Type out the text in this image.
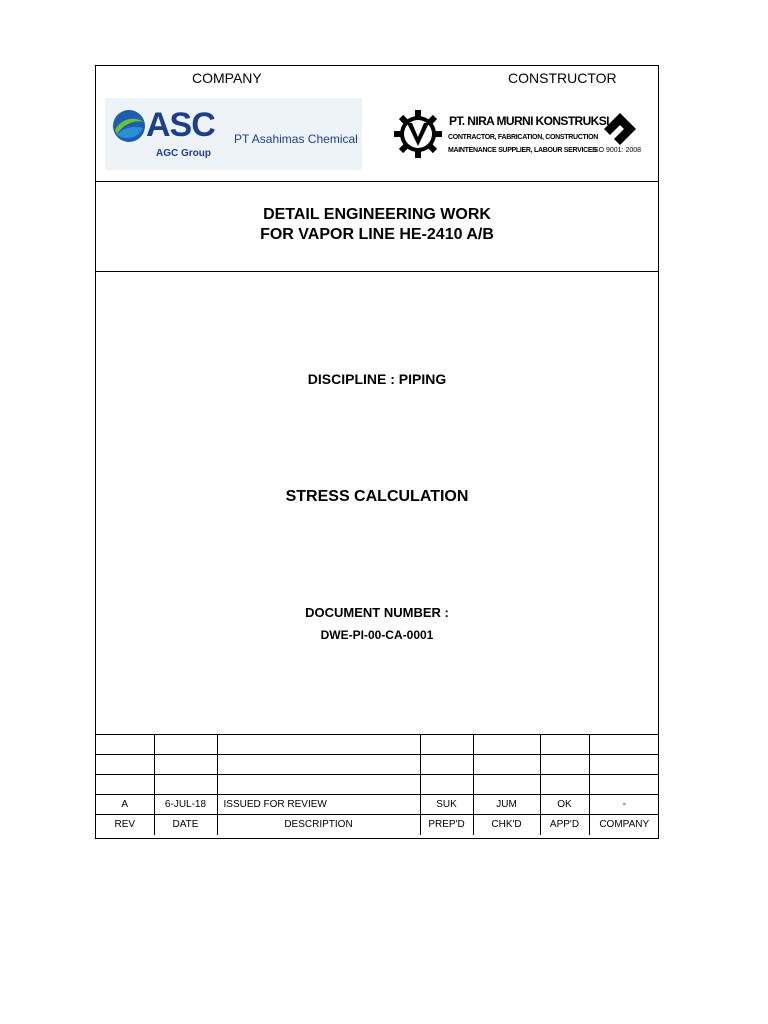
COMPANY	CONSTRUCTOR
ASC
AGC Group
PT Asahimas Chemical
PT. NIRA MURNI KONSTRUKSI
CONTRACTOR, FABRICATION, CONSTRUCTION
MAINTENANCE SUPPLIER, LABOUR SERVICES
ISO 9001: 2008
DETAIL ENGINEERING WORK
FOR VAPOR LINE HE-2410 A/B
DISCIPLINE : PIPING
STRESS CALCULATION
DOCUMENT NUMBER :
DWE-PI-00-CA-0001

A	6-JUL-18	ISSUED FOR REVIEW	SUK	JUM	OK	-
REV	DATE	DESCRIPTION	PREP'D	CHK'D	APP'D	COMPANY
